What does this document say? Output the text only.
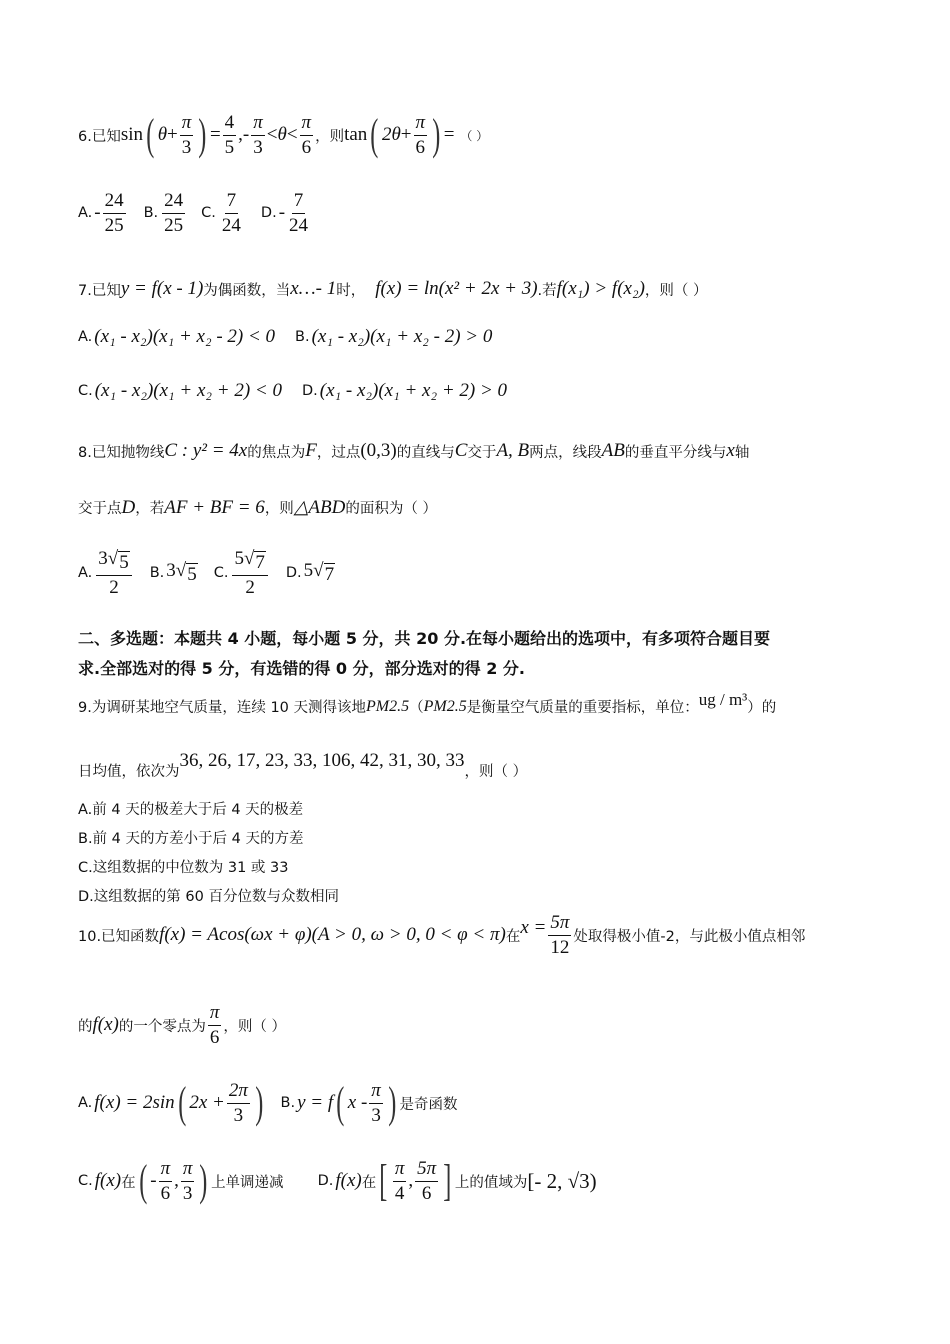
6.已知 sin ( $\theta + \frac{\pi}{3}$ ) = $\frac{4}{5}$ ,- $\frac{\pi}{3} < \theta < \frac{\pi}{6}$ ，则 tan ( $2\theta + \frac{\pi}{6}$ ) = （ ）
A. - $\frac{24}{25} B$. $\frac{24}{25} C$. $\frac{7}{24} D$. - $\frac{7}{24}$
7.已知 y = f(x - 1) 为偶函数，当 x…- 1 时， f(x) = ln(x² + 2x + 3) .若 f(x₁) > f(x₂) ，则（ ）
A. (x₁ - x₂)(x₁ + x₂ - 2) < 0 B. (x₁ - x₂)(x₁ + x₂ - 2) > 0
C. (x₁ - x₂)(x₁ + x₂ + 2) < 0 D. (x₁ - x₂)(x₁ + x₂ + 2) > 0
8.已知抛物线 C : y² = 4x 的焦点为 F ，过点 (0,3) 的直线与 C 交于 A, B 两点，线段 AB 的垂直平分线与 x 轴
交于点 D ，若 AF + BF = 6 ，则 △ABD 的面积为（ ）
A. $\frac{3√ 5}{2} B$. 3√ 5 C. $\frac{5√ 7}{2} D$. 5√ 7
二、多选题：本题共 4 小题，每小题 5 分，共 20 分.在每小题给出的选项中，有多项符合题目要
求.全部选对的得 5 分，有选错的得 0 分，部分选对的得 2 分.
9.为调研某地空气质量，连续 10 天测得该地 PM2.5 （ PM2.5 是衡量空气质量的重要指标，单位： ug / m³ ）的
日均值，依次为
36, 26, 17, 23, 33, 106, 42, 31, 30, 33
，则（ ）
A.前 4 天的极差大于后 4 天的极差
B.前 4 天的方差小于后 4 天的方差
C.这组数据的中位数为 31 或 33
D.这组数据的第 60 百分位数与众数相同
10.已知函数 f(x) = Acos(ωx + φ)(A > 0, ω > 0, 0 < φ < π) 在 $x = \frac{5\pi}{12}$ 处取得极小值-2，与此极小值点相邻
的 f(x) 的一个零点为 $\frac{\pi}{6}$ ，则（ ）
A. f(x) = 2sin ( $2x + \frac{2\pi}{3}$ ) B. y = f ( x - $\frac{\pi}{3}$ ) 是奇函数
C. f(x) 在 ( - $\frac{\pi}{6}$ , $\frac{\pi}{3}$ ) 上单调递减 D. f(x) 在 [ $\frac{\pi}{4}$ , $\frac{5\pi}{6}$ ] 上的值域为 [- 2, √3)
